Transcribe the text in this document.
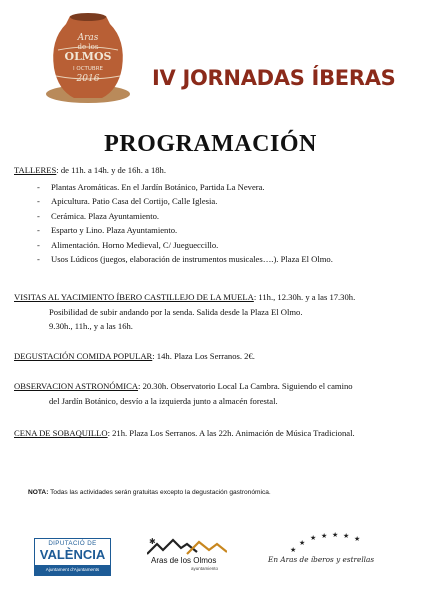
Aras
de los
OLMOS
I OCTUBRE
2016	IV JORNADAS ÍBERAS
PROGRAMACIÓN
TALLERES: de 11h. a 14h. y de 16h. a 18h.
- Plantas Aromáticas. En el Jardín Botánico, Partida La Nevera.
- Apicultura. Patio Casa del Cortijo, Calle Iglesia.
- Cerámica. Plaza Ayuntamiento.
- Esparto y Lino. Plaza Ayuntamiento.
- Alimentación. Horno Medieval, C/ Juegueccillo.
- Usos Lúdicos (juegos, elaboración de instrumentos musicales….). Plaza El Olmo.
VISITAS AL YACIMIENTO ÍBERO CASTILLEJO DE LA MUELA: 11h., 12.30h. y a las 17.30h.
Posibilidad de subir andando por la senda. Salida desde la Plaza El Olmo.
9.30h., 11h., y a las 16h.
DEGUSTACIÓN COMIDA POPULAR: 14h. Plaza Los Serranos. 2€.
OBSERVACION ASTRONÓMICA: 20.30h. Observatorio Local La Cambra. Siguiendo el camino
del Jardín Botánico, desvío a la izquierda junto a almacén forestal.
CENA DE SOBAQUILLO: 21h. Plaza Los Serranos. A las 22h. Animación de Música Tradicional.
NOTA: Todas las actividades serán gratuitas excepto la degustación gastronómica.
DIPUTACIÓ DE
VALÈNCIA
Ajuntament d'Ajuntaments
✱
Aras de los Olmos
ayuntamiento
★
★
★ ★ ★ ★ ★
En Aras de íberos y estrellas
